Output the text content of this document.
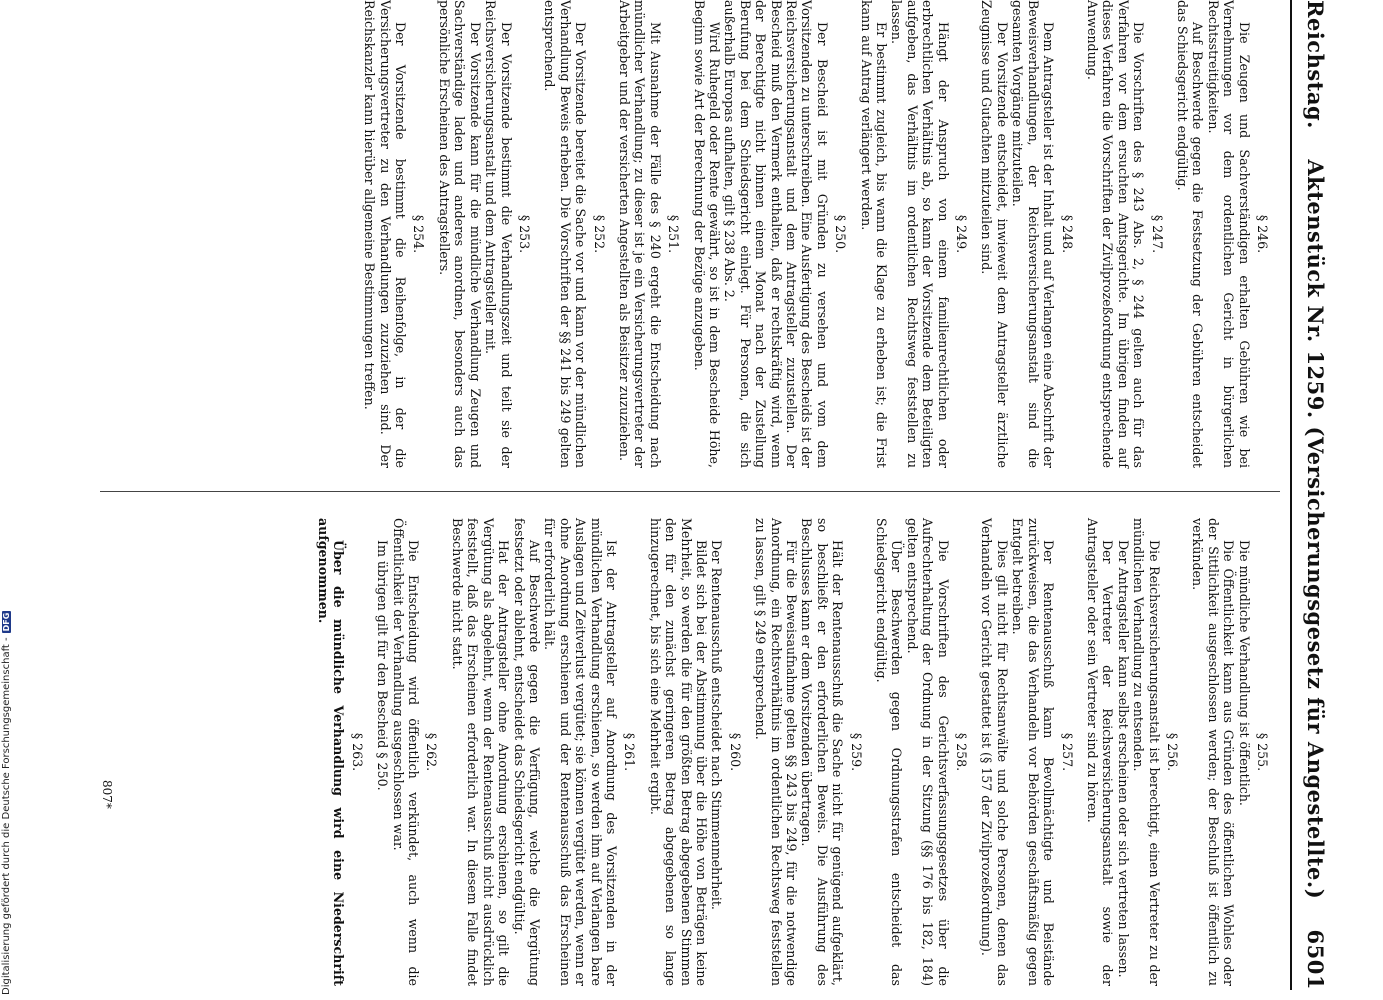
Digitalisierung gefördert durch die Deutsche Forschungsgemeinschaft -
DFG
Reichstag.
Aktenstück Nr. 1259. (Versicherungsgesetz für Angestellte.)
6501
§ 246.

Die Zeugen und Sachverständigen erhalten Gebühren wie bei Vernehmungen vor dem ordentlichen Gericht in bürgerlichen Rechtsstreitigkeiten.

Auf Beschwerde gegen die Festsetzung der Gebühren entscheidet das Schiedsgericht endgültig.

§ 247.

Die Vorschriften des § 243 Abs. 2, § 244 gelten auch für das Verfahren vor dem ersuchten Amtsgerichte. Im übrigen finden auf dieses Verfahren die Vorschriften der Zivilprozeßordnung entsprechende Anwendung.

§ 248.

Dem Antragsteller ist der Inhalt und auf Verlangen eine Abschrift der Beweisverhandlungen, der Reichsversicherungsanstalt sind die gesamten Vorgänge mitzuteilen.

Der Vorsitzende entscheidet, inwieweit dem Antragsteller ärztliche Zeugnisse und Gutachten mitzuteilen sind.

§ 249.

Hängt der Anspruch von einem familienrechtlichen oder erbrechtlichen Verhältnis ab, so kann der Vorsitzende dem Beteiligten aufgeben, das Verhältnis im ordentlichen Rechtsweg feststellen zu lassen.

Er bestimmt zugleich, bis wann die Klage zu erheben ist; die Frist kann auf Antrag verlängert werden.

§ 250.

Der Bescheid ist mit Gründen zu versehen und vom dem Vorsitzenden zu unterschreiben. Eine Ausfertigung des Bescheids ist der Reichsversicherungsanstalt und dem Antragsteller zuzustellen. Der Bescheid muß den Vermerk enthalten, daß er rechtskräftig wird, wenn der Berechtigte nicht binnen einem Monat nach der Zustellung Berufung bei dem Schiedsgericht einlegt. Für Personen, die sich außerhalb Europas aufhalten, gilt § 238 Abs. 2.

Wird Ruhegeld oder Rente gewährt, so ist in dem Bescheide Höhe, Beginn sowie Art der Berechnung der Bezüge anzugeben.

§ 251.

Mit Ausnahme der Fälle des § 240 ergeht die Entscheidung nach mündlicher Verhandlung; zu dieser ist je ein Versicherungsvertreter der Arbeitgeber und der versicherten Angestellten als Beisitzer zuzuziehen.

§ 252.

Der Vorsitzende bereitet die Sache vor und kann vor der mündlichen Verhandlung Beweis erheben. Die Vorschriften der §§ 241 bis 249 gelten entsprechend.

§ 253.

Der Vorsitzende bestimmt die Verhandlungszeit und teilt sie der Reichsversicherungsanstalt und dem Antragsteller mit.

Der Vorsitzende kann für die mündliche Verhandlung Zeugen und Sachverständige laden und anderes anordnen, besonders auch das persönliche Erscheinen des Antragstellers.

§ 254.

Der Vorsitzende bestimmt die Reihenfolge, in der die Versicherungsvertreter zu den Verhandlungen zuzuziehen sind. Der Reichskanzler kann hierüber allgemeine Bestimmungen treffen.

§ 255.

Die mündliche Verhandlung ist öffentlich.

Die Öffentlichkeit kann aus Gründen des öffentlichen Wohles oder der Sittlichkeit ausgeschlossen werden; der Beschluß ist öffentlich zu verkünden.

§ 256.

Die Reichsversicherungsanstalt ist berechtigt, einen Vertreter zu der mündlichen Verhandlung zu entsenden.

Der Antragsteller kann selbst erscheinen oder sich vertreten lassen.

Der Vertreter der Reichsversicherungsanstalt sowie der Antragsteller oder sein Vertreter sind zu hören.

§ 257.

Der Rentenausschuß kann Bevollmächtigte und Beistände zurückweisen, die das Verhandeln vor Behörden geschäftsmäßig gegen Entgelt betreiben.

Dies gilt nicht für Rechtsanwälte und solche Personen, denen das Verhandeln vor Gericht gestattet ist (§ 157 der Zivilprozeßordnung).

§ 258.

Die Vorschriften des Gerichtsverfassungsgesetzes über die Aufrechterhaltung der Ordnung in der Sitzung (§§ 176 bis 182, 184) gelten entsprechend.

Über Beschwerden gegen Ordnungsstrafen entscheidet das Schiedsgericht endgültig.

§ 259.

Hält der Rentenausschuß die Sache nicht für genügend aufgeklärt, so beschließt er den erforderlichen Beweis. Die Ausführung des Beschlusses kann er dem Vorsitzenden übertragen.

Für die Beweisaufnahme gelten §§ 243 bis 249, für die notwendige Anordnung, ein Rechtsverhältnis im ordentlichen Rechtsweg feststellen zu lassen, gilt § 249 entsprechend.

§ 260.

Der Rentenausschuß entscheidet nach Stimmenmehrheit.

Bildet sich bei der Abstimmung über die Höhe von Beträgen keine Mehrheit, so werden die für den größten Betrag abgegebenen Stimmen den für den zunächst geringeren Betrag abgegebenen so lange hinzugerechnet, bis sich eine Mehrheit ergibt.

§ 261.

Ist der Antragsteller auf Anordnung des Vorsitzenden in der mündlichen Verhandlung erschienen, so werden ihm auf Verlangen bare Auslagen und Zeitverlust vergütet; sie können vergütet werden, wenn er ohne Anordnung erschienen und der Rentenausschuß das Erscheinen für erforderlich hält.

Auf Beschwerde gegen die Verfügung, welche die Vergütung festsetzt oder ablehnt, entscheidet das Schiedsgericht endgültig.

Hat der Antragsteller ohne Anordnung erschienen, so gilt die Vergütung als abgelehnt, wenn der Rentenausschuß nicht ausdrücklich feststellt, daß das Erscheinen erforderlich war. In diesem Falle findet Beschwerde nicht statt.

§ 262.

Die Entscheidung wird öffentlich verkündet, auch wenn die Öffentlichkeit der Verhandlung ausgeschlossen war.

Im übrigen gilt für den Bescheid § 250.

§ 263.

Über die mündliche Verhandlung wird eine Niederschrift aufgenommen.

807*
